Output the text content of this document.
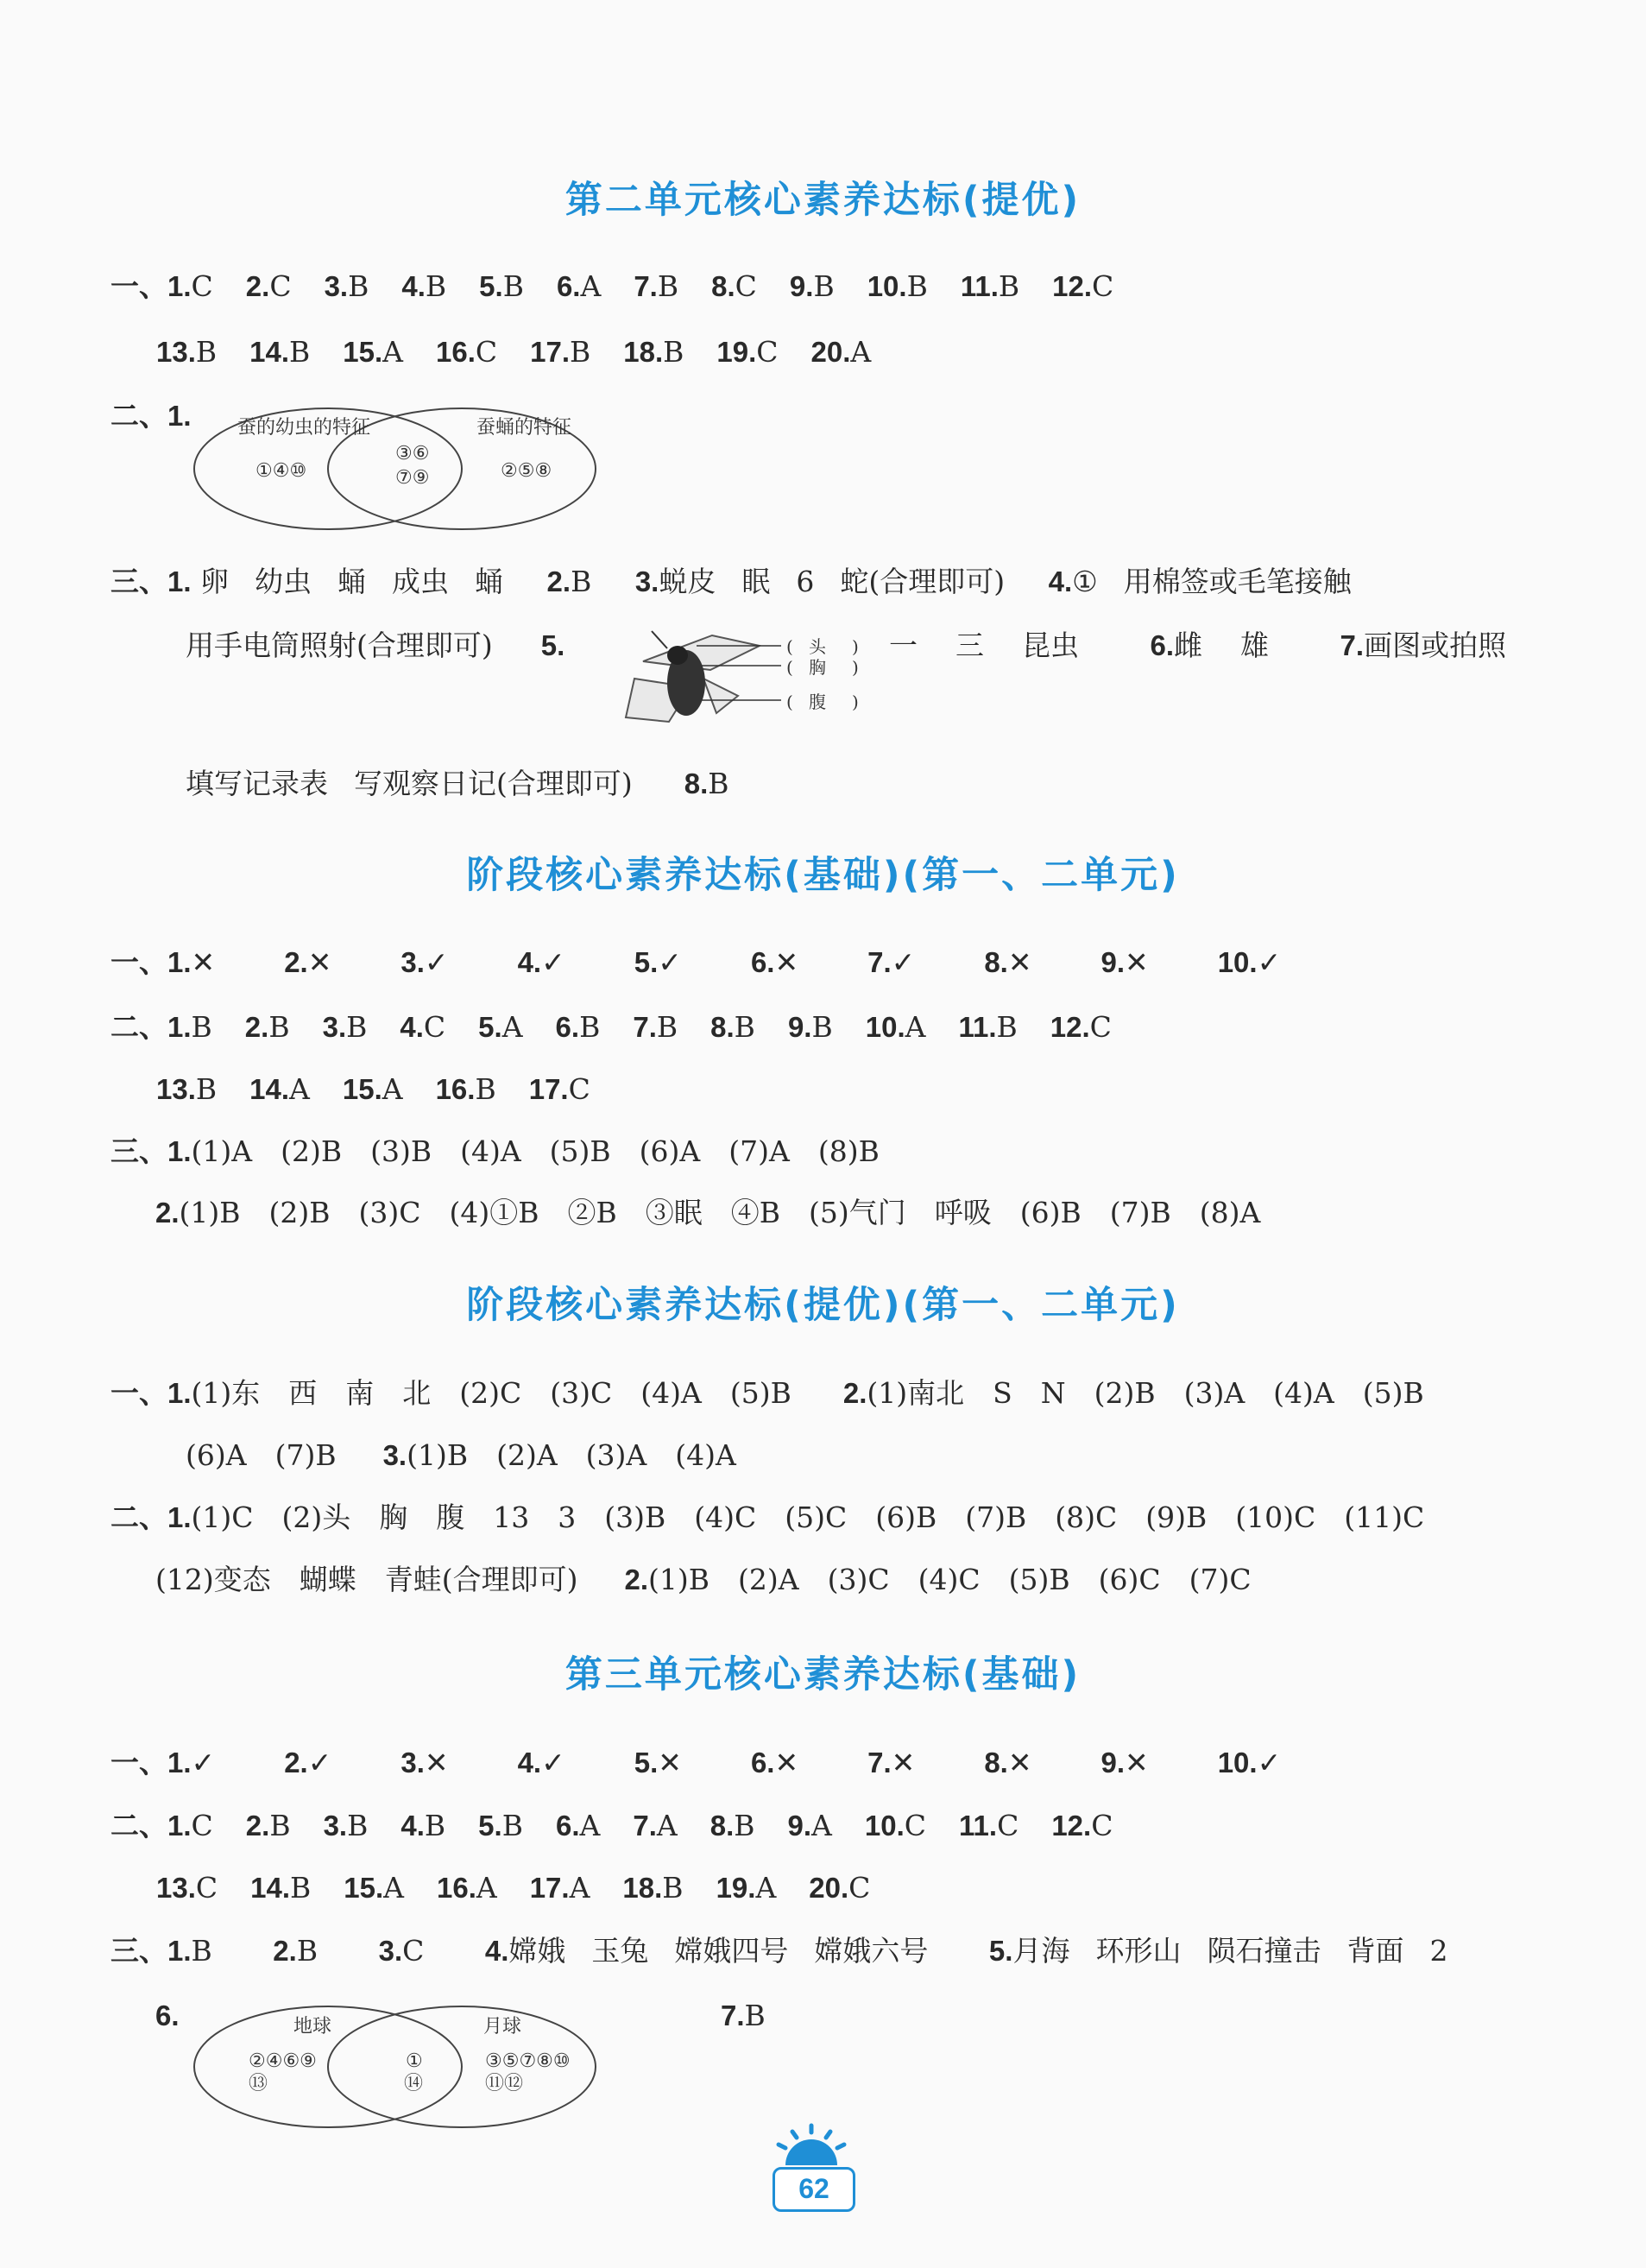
第二单元核心素养达标(提优)
一、1.C 2.C 3.B 4.B 5.B 6.A 7.B 8.C 9.B 10.B 11.B 12.C
13.B 14.B 15.A 16.C 17.B 18.B 19.C 20.A
二、1. 蚕的幼虫的特征
①④⑩
③⑥
⑦⑨
蚕蛹的特征
②⑤⑧
三、1. 卵 幼虫 蛹 成虫 蛹 2.B 3.蜕皮 眠 6 蛇(合理即可) 4.① 用棉签或毛笔接触
用手电筒照射(合理即可) 5.	( 头 )
( 胸 )
( 腹 )
一 三 昆虫	6.雌 雄	7.画图或拍照
填写记录表 写观察日记(合理即可) 8.B
阶段核心素养达标(基础)(第一、二单元)
一、1.✕ 2.✕ 3.✓ 4.✓ 5.✓ 6.✕ 7.✓ 8.✕ 9.✕ 10.✓
二、1.B 2.B 3.B 4.C 5.A 6.B 7.B 8.B 9.B 10.A 11.B 12.C
13.B 14.A 15.A 16.B 17.C
三、1.(1)A　(2)B　(3)B　(4)A　(5)B　(6)A　(7)A　(8)B
2.(1)B　(2)B　(3)C　(4)①B　②B　③眠　④B　(5)气门　呼吸　(6)B　(7)B　(8)A
阶段核心素养达标(提优)(第一、二单元)
一、1.(1)东　西　南　北　(2)C　(3)C　(4)A　(5)B 2.(1)南北　S　N　(2)B　(3)A　(4)A　(5)B
(6)A　(7)B 3.(1)B　(2)A　(3)A　(4)A
二、1.(1)C　(2)头　胸　腹　13　3　(3)B　(4)C　(5)C　(6)B　(7)B　(8)C　(9)B　(10)C　(11)C
(12)变态　蝴蝶　青蛙(合理即可) 2.(1)B　(2)A　(3)C　(4)C　(5)B　(6)C　(7)C
第三单元核心素养达标(基础)
一、1.✓ 2.✓ 3.✕ 4.✓ 5.✕ 6.✕ 7.✕ 8.✕ 9.✕ 10.✓
二、1.C 2.B 3.B 4.B 5.B 6.A 7.A 8.B 9.A 10.C 11.C 12.C
13.C 14.B 15.A 16.A 17.A 18.B 19.A 20.C
三、1.B 2.B 3.C 4.嫦娥 玉兔 嫦娥四号 嫦娥六号 5.月海 环形山 陨石撞击 背面 2
6.	地球
②④⑥⑨
⑬
①
⑭
月球
③⑤⑦⑧⑩
⑪⑫
7.B
62
